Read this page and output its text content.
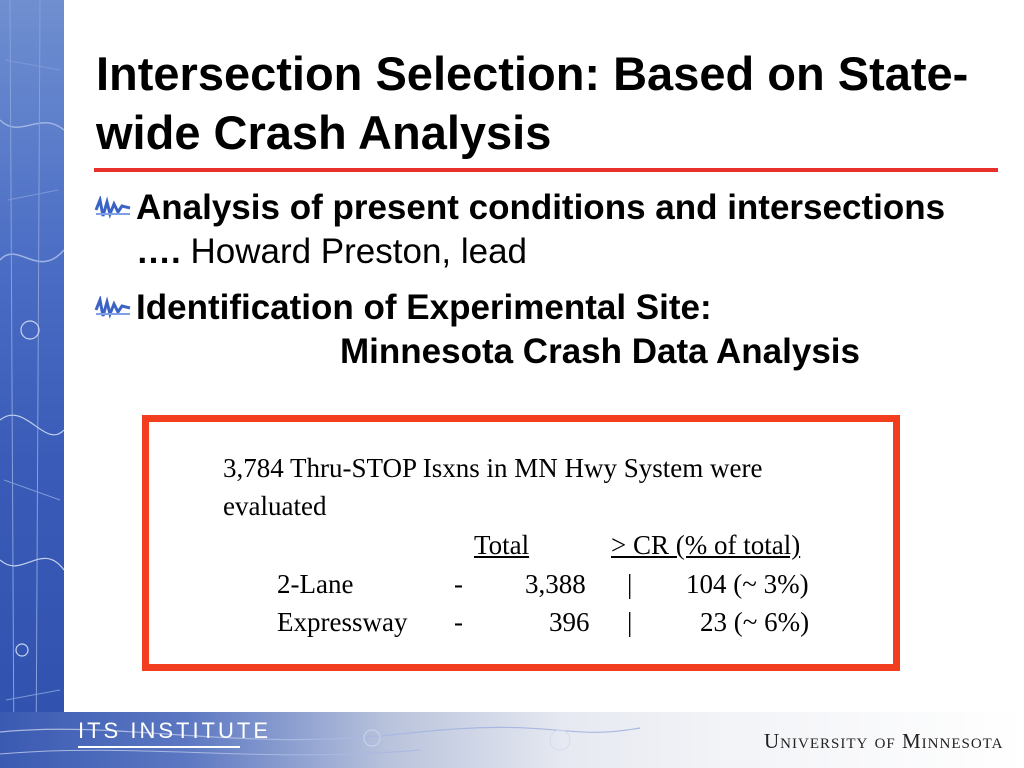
Intersection Selection: Based on State-wide Crash Analysis
Analysis of present conditions and intersections …. Howard Preston, lead
Identification of Experimental Site:
Minnesota Crash Data Analysis
3,784 Thru-STOP Isxns in MN Hwy System were evaluated
Total	> CR (% of total)
2-Lane	- 3,388 | 104 (~ 3%)
Expressway -	396 |	23 (~ 6%)
ITS INSTITUTE	University of Minnesota
